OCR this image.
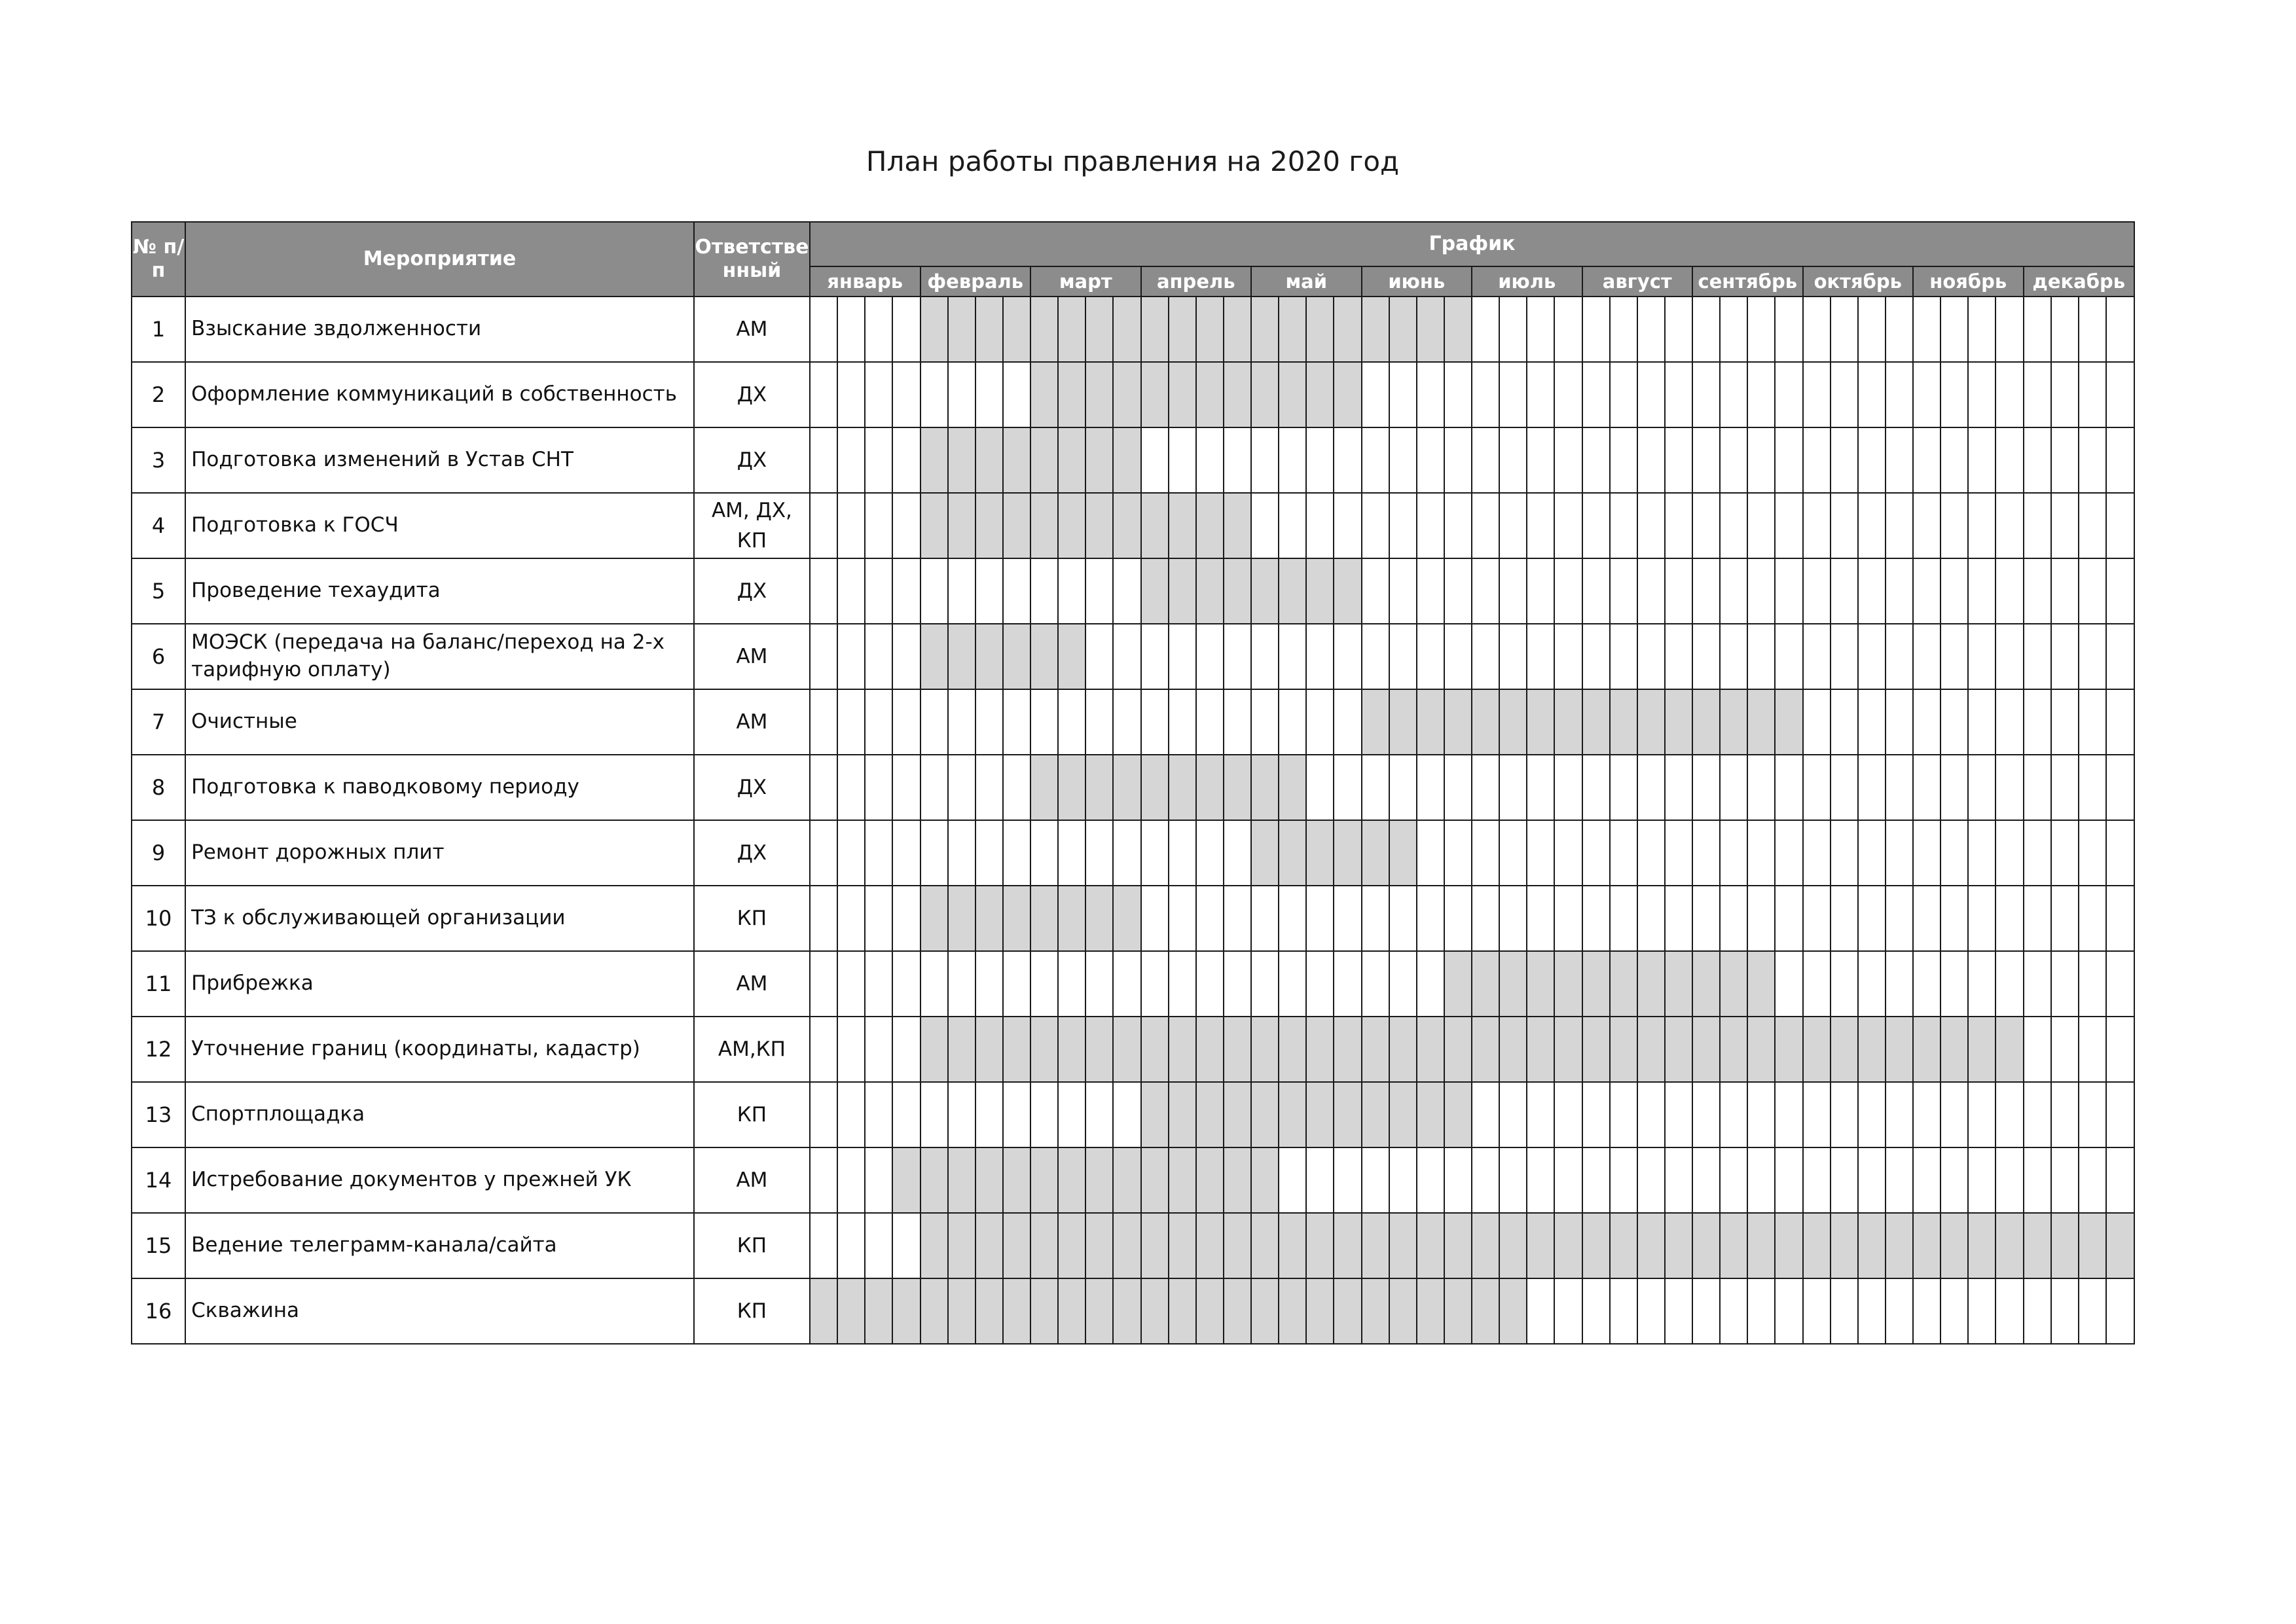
План работы правления на 2020 год
№ п/п	Мероприятие	Ответстве нный	График																																															
			январь				февраль				март				апрель				май				июнь				июль				август				сентябрь				октябрь				ноябрь				декабрь			
1	Взыскание звдолженности	АМ																																																
2	Оформление коммуникаций в собственность	ДХ																																																
3	Подготовка изменений в Устав СНТ	ДХ																																																
4	Подготовка к ГОСЧ	АМ, ДХ, КП																																																
5	Проведение техаудита	ДХ																																																
6	МОЭСК (передача на баланс/переход на 2-х тарифную оплату)	АМ																																																
7	Очистные	АМ																																																
8	Подготовка к паводковому периоду	ДХ																																																
9	Ремонт дорожных плит	ДХ																																																
10	ТЗ к обслуживающей организации	КП																																																
11	Прибрежка	АМ																																																
12	Уточнение границ (координаты, кадастр)	АМ,КП																																																
13	Спортплощадка	КП																																																
14	Истребование документов у прежней УК	АМ																																																
15	Ведение телеграмм-канала/сайта	КП																																																
16	Скважина	КП																																																
